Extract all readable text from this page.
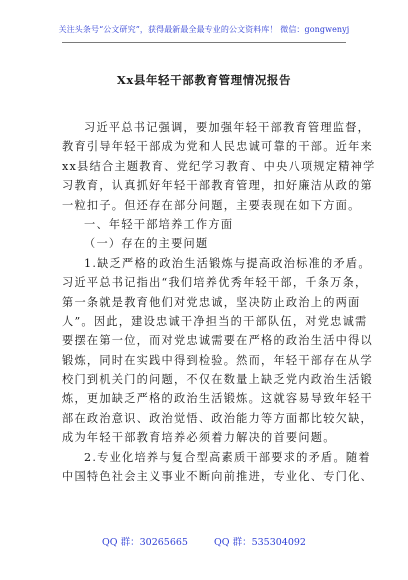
关注头条号“公文研究”，获得最新最全最专业的公文资料库！ 微信：gongwenyj
Xx县年轻干部教育管理情况报告
习近平总书记强调，要加强年轻干部教育管理监督，
教育引导年轻干部成为党和人民忠诚可靠的干部。近年来
xx县结合主题教育、党纪学习教育、中央八项规定精神学
习教育，认真抓好年轻干部教育管理，扣好廉洁从政的第
一粒扣子。但还存在部分问题，主要表现在如下方面。
一、年轻干部培养工作方面
（一）存在的主要问题
1.缺乏严格的政治生活锻炼与提高政治标准的矛盾。
习近平总书记指出“我们培养优秀年轻干部，千条万条，
第一条就是教育他们对党忠诚，坚决防止政治上的两面
人”。因此，建设忠诚干净担当的干部队伍，对党忠诚需
要摆在第一位，而对党忠诚需要在严格的政治生活中得以
锻炼，同时在实践中得到检验。然而，年轻干部存在从学
校门到机关门的问题，不仅在数量上缺乏党内政治生活锻
炼，更加缺乏严格的政治生活锻炼。这就容易导致年轻干
部在政治意识、政治觉悟、政治能力等方面都比较欠缺，
成为年轻干部教育培养必须着力解决的首要问题。
2.专业化培养与复合型高素质干部要求的矛盾。随着
中国特色社会主义事业不断向前推进，专业化、专门化、
QQ 群：30265665	QQ 群：535304092
